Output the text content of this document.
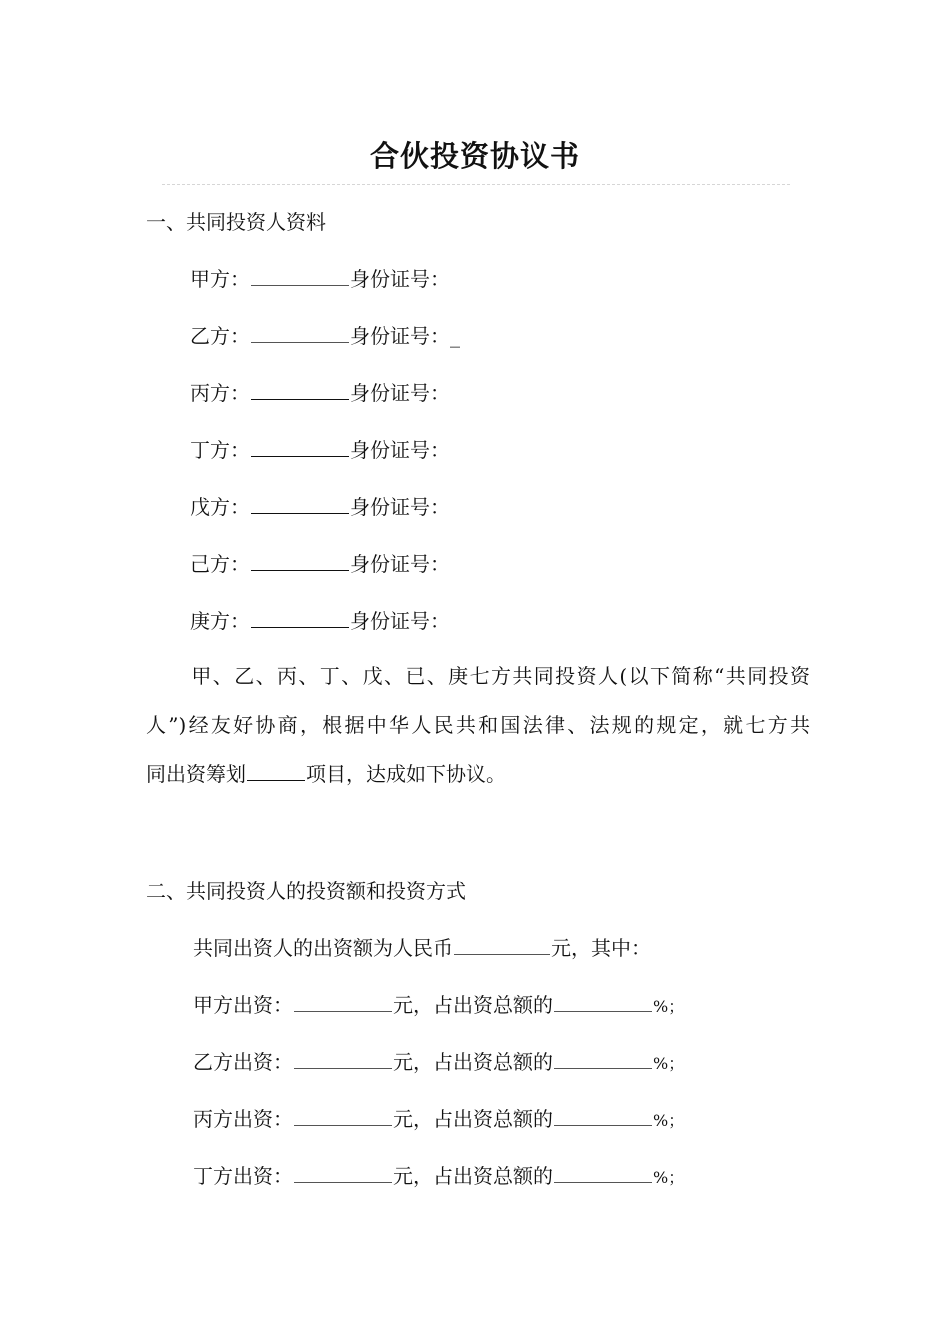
合伙投资协议书
一、共同投资人资料
甲方：	身份证号：
乙方：	身份证号：_
丙方：	身份证号：
丁方：	身份证号：
戊方：	身份证号：
己方：	身份证号：
庚方：	身份证号：
甲、乙、丙、丁、戊、已、庚七方共同投资人(以下简称“共同投资
人”)经友好协商，根据中华人民共和国法律、法规的规定，就七方共
同出资筹划	项目，达成如下协议。
二、共同投资人的投资额和投资方式
共同出资人的出资额为人民币	元，其中：
甲方出资：	元，占出资总额的	%；
乙方出资：	元，占出资总额的	%；
丙方出资：	元，占出资总额的	%；
丁方出资：	元，占出资总额的	%；
